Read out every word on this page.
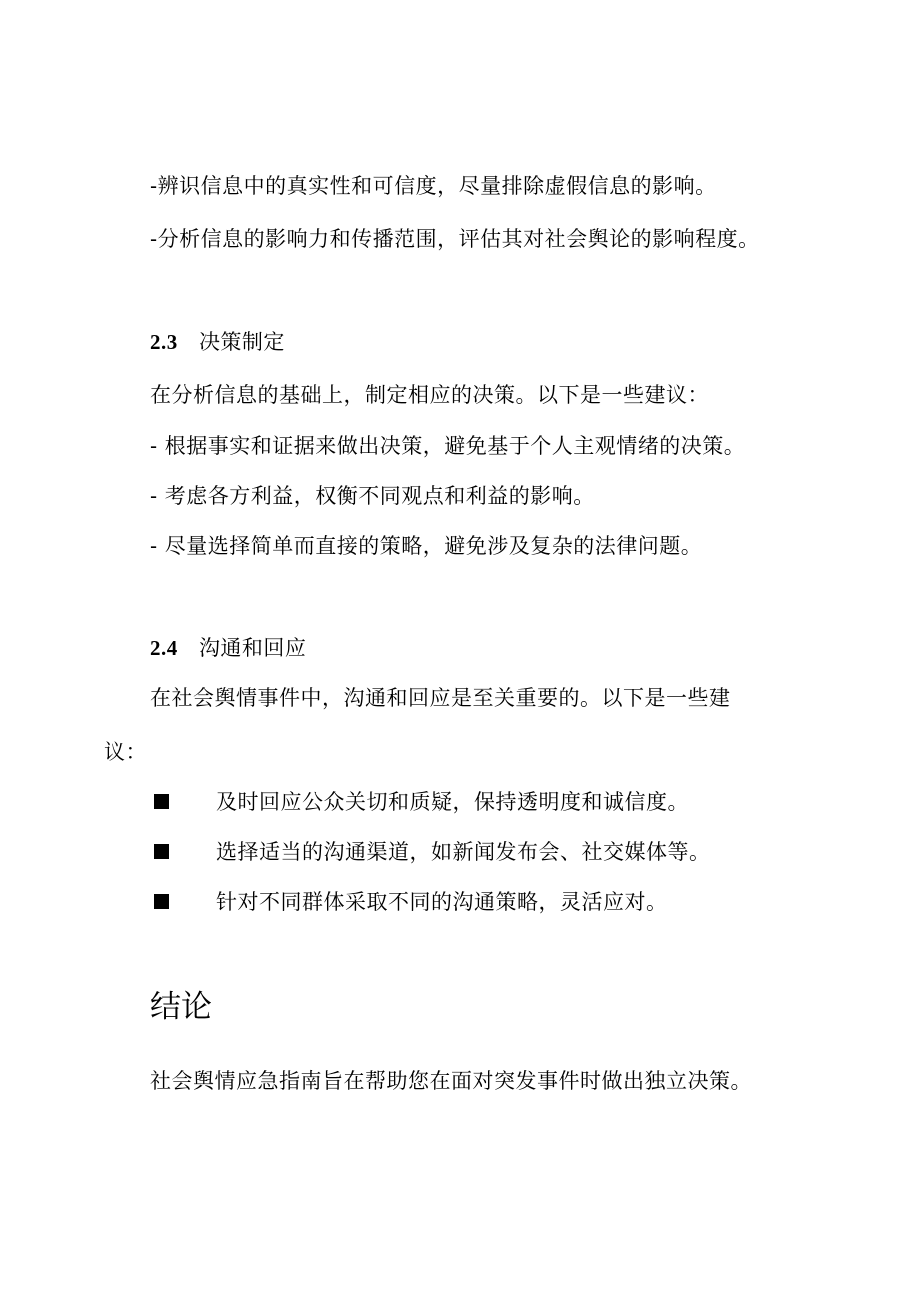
-辨识信息中的真实性和可信度，尽量排除虚假信息的影响。
-分析信息的影响力和传播范围，评估其对社会舆论的影响程度。
2.3 决策制定
在分析信息的基础上，制定相应的决策。以下是一些建议：
- 根据事实和证据来做出决策，避免基于个人主观情绪的决策。
- 考虑各方利益，权衡不同观点和利益的影响。
- 尽量选择简单而直接的策略，避免涉及复杂的法律问题。
2.4 沟通和回应
在社会舆情事件中，沟通和回应是至关重要的。以下是一些建
议：
及时回应公众关切和质疑，保持透明度和诚信度。
选择适当的沟通渠道，如新闻发布会、社交媒体等。
针对不同群体采取不同的沟通策略，灵活应对。
结论
社会舆情应急指南旨在帮助您在面对突发事件时做出独立决策。
